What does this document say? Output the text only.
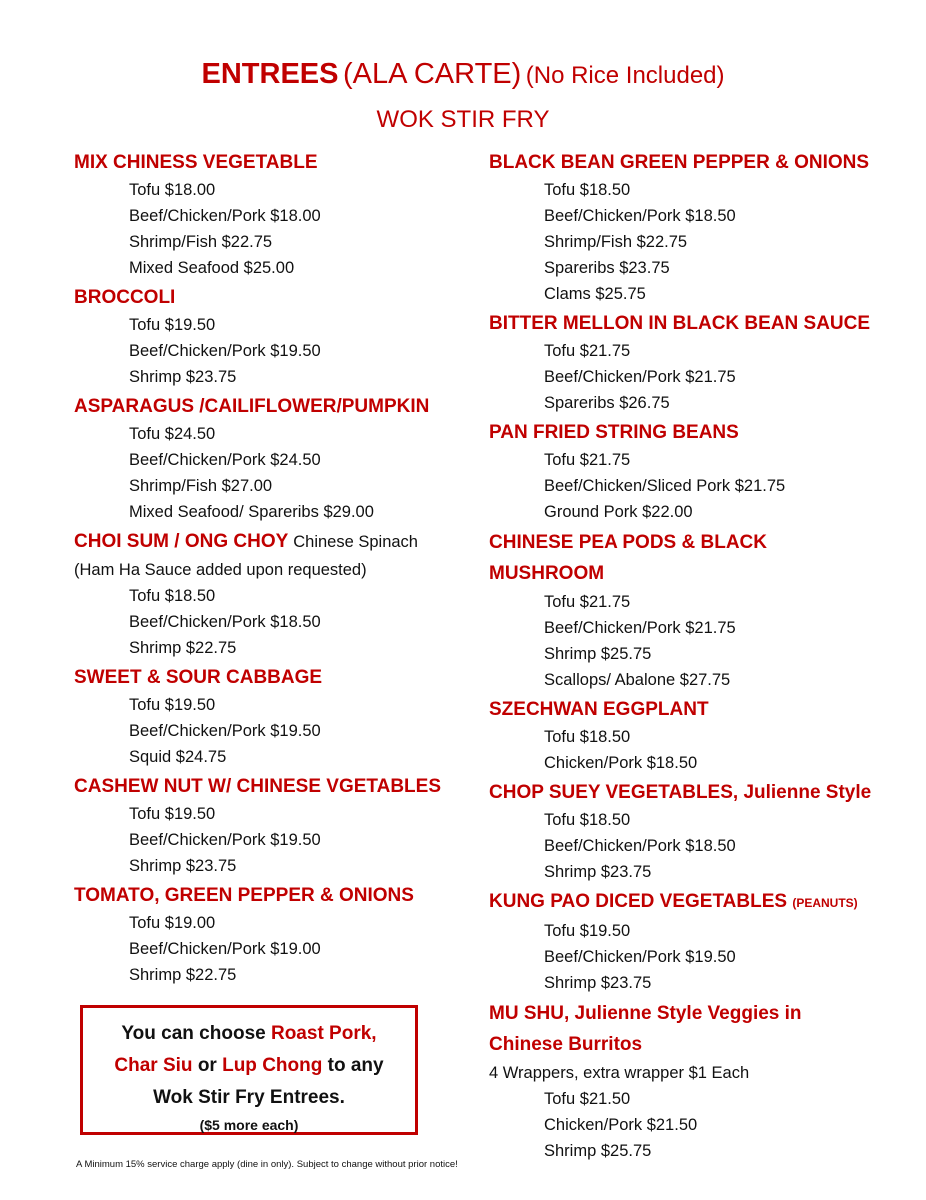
ENTREES (ALA CARTE) (No Rice Included)
WOK STIR FRY
MIX CHINESS VEGETABLE
Tofu $18.00
Beef/Chicken/Pork $18.00
Shrimp/Fish $22.75
Mixed Seafood $25.00
BROCCOLI
Tofu $19.50
Beef/Chicken/Pork $19.50
Shrimp $23.75
ASPARAGUS /CAILIFLOWER/PUMPKIN
Tofu $24.50
Beef/Chicken/Pork $24.50
Shrimp/Fish $27.00
Mixed Seafood/ Spareribs $29.00
CHOI SUM / ONG CHOY Chinese Spinach
(Ham Ha Sauce added upon requested)
Tofu $18.50
Beef/Chicken/Pork $18.50
Shrimp $22.75
SWEET & SOUR CABBAGE
Tofu $19.50
Beef/Chicken/Pork $19.50
Squid $24.75
CASHEW NUT W/ CHINESE VGETABLES
Tofu $19.50
Beef/Chicken/Pork $19.50
Shrimp $23.75
TOMATO, GREEN PEPPER & ONIONS
Tofu $19.00
Beef/Chicken/Pork $19.00
Shrimp $22.75
BLACK BEAN GREEN PEPPER & ONIONS
Tofu $18.50
Beef/Chicken/Pork $18.50
Shrimp/Fish $22.75
Spareribs $23.75
Clams $25.75
BITTER MELLON IN BLACK BEAN SAUCE
Tofu $21.75
Beef/Chicken/Pork $21.75
Spareribs $26.75
PAN FRIED STRING BEANS
Tofu $21.75
Beef/Chicken/Sliced Pork $21.75
Ground Pork $22.00
CHINESE PEA PODS & BLACK MUSHROOM
Tofu $21.75
Beef/Chicken/Pork $21.75
Shrimp $25.75
Scallops/ Abalone $27.75
SZECHWAN EGGPLANT
Tofu $18.50
Chicken/Pork $18.50
CHOP SUEY VEGETABLES, Julienne Style
Tofu $18.50
Beef/Chicken/Pork $18.50
Shrimp $23.75
KUNG PAO DICED VEGETABLES (PEANUTS)
Tofu $19.50
Beef/Chicken/Pork $19.50
Shrimp $23.75
MU SHU, Julienne Style Veggies in Chinese Burritos
4 Wrappers, extra wrapper $1 Each
Tofu $21.50
Chicken/Pork $21.50
Shrimp $25.75
You can choose Roast Pork,
Char Siu or Lup Chong to any
Wok Stir Fry Entrees.
($5 more each)
A Minimum 15% service charge apply (dine in only). Subject to change without prior notice!
